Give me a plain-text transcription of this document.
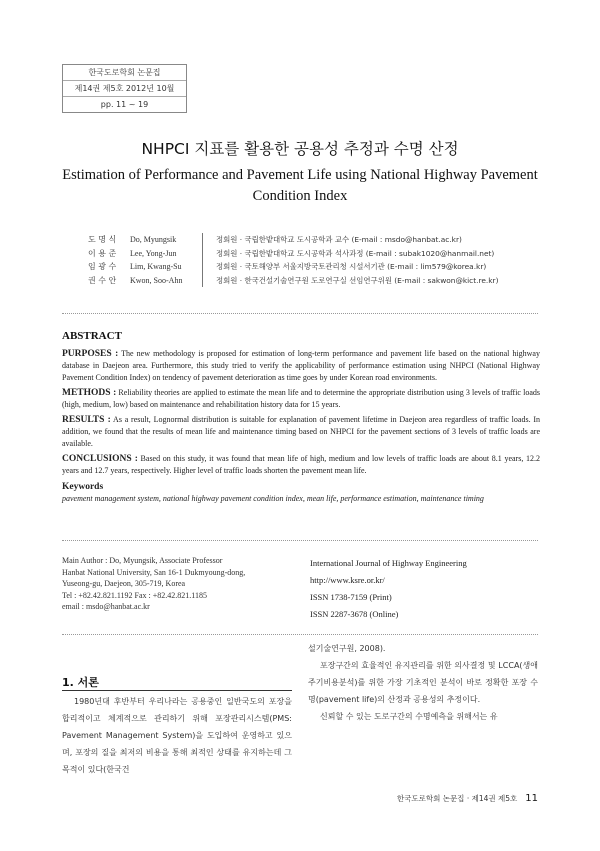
한국도로학회 논문집
제14권 제5호 2012년 10월
pp. 11 ~ 19
NHPCI 지표를 활용한 공용성 추정과 수명 산정
Estimation of Performance and Pavement Life using National Highway Pavement Condition Index
도 명 식	Do, Myungsik	정회원 · 국립한밭대학교 도시공학과 교수 (E-mail : msdo@hanbat.ac.kr)
이 용 준	Lee, Yong-Jun	정회원 · 국립한밭대학교 도시공학과 석사과정 (E-mail : subak1020@hanmail.net)
임 광 수	Lim, Kwang-Su	정회원 · 국토해양부 서울지방국토관리청 시설서기관 (E-mail : lim579@korea.kr)
권 수 안	Kwon, Soo-Ahn	정회원 · 한국건설기술연구원 도로연구실 선임연구위원 (E-mail : sakwon@kict.re.kr)
ABSTRACT

PURPOSES : The new methodology is proposed for estimation of long-term performance and pavement life based on the national highway database in Daejeon area. Furthermore, this study tried to verify the applicability of performance estimation using NHPCI (National Highway Pavement Condition Index) on tendency of pavement deterioration as time goes by under Korean road environments.

METHODS : Reliability theories are applied to estimate the mean life and to determine the appropriate distribution using 3 levels of traffic loads (high, medium, low) based on maintenance and rehabilitation history data for 15 years.

RESULTS : As a result, Lognormal distribution is suitable for explanation of pavement lifetime in Daejeon area regardless of traffic loads. In addition, we found that the results of mean life and maintenance timing based on NHPCI for the pavement sections of 3 levels of traffic loads are available.

CONCLUSIONS : Based on this study, it was found that mean life of high, medium and low levels of traffic loads are about 8.1 years, 12.2 years and 12.7 years, respectively. Higher level of traffic loads shorten the pavement mean life.

Keywords
pavement management system, national highway pavement condition index, mean life, performance estimation, maintenance timing
Main Author : Do, Myungsik, Associate Professor
Hanbat National University, San 16-1 Dukmyoung-dong,
Yuseong-gu, Daejeon, 305-719, Korea
Tel : +82.42.821.1192 Fax : +82.42.821.1185
email : msdo@hanbat.ac.kr
International Journal of Highway Engineering
http://www.ksre.or.kr/
ISSN 1738-7159 (Print)
ISSN 2287-3678 (Online)
1. 서론

1980년대 후반부터 우리나라는 공용중인 일반국도의 포장을 합리적이고 체계적으로 관리하기 위해 포장관리시스템(PMS: Pavement Management System)을 도입하여 운영하고 있으며, 포장의 질을 최저의 비용을 통해 최적인 상태를 유지하는데 그 목적이 있다(한국건

설기술연구원, 2008).

포장구간의 효율적인 유지관리를 위한 의사결정 및 LCCA(생애주기비용분석)를 위한 가장 기초적인 분석이 바로 정확한 포장 수명(pavement life)의 산정과 공용성의 추정이다.

신뢰할 수 있는 도로구간의 수명예측을 위해서는 유

한국도로학회 논문집 · 제14권 제5호 11
